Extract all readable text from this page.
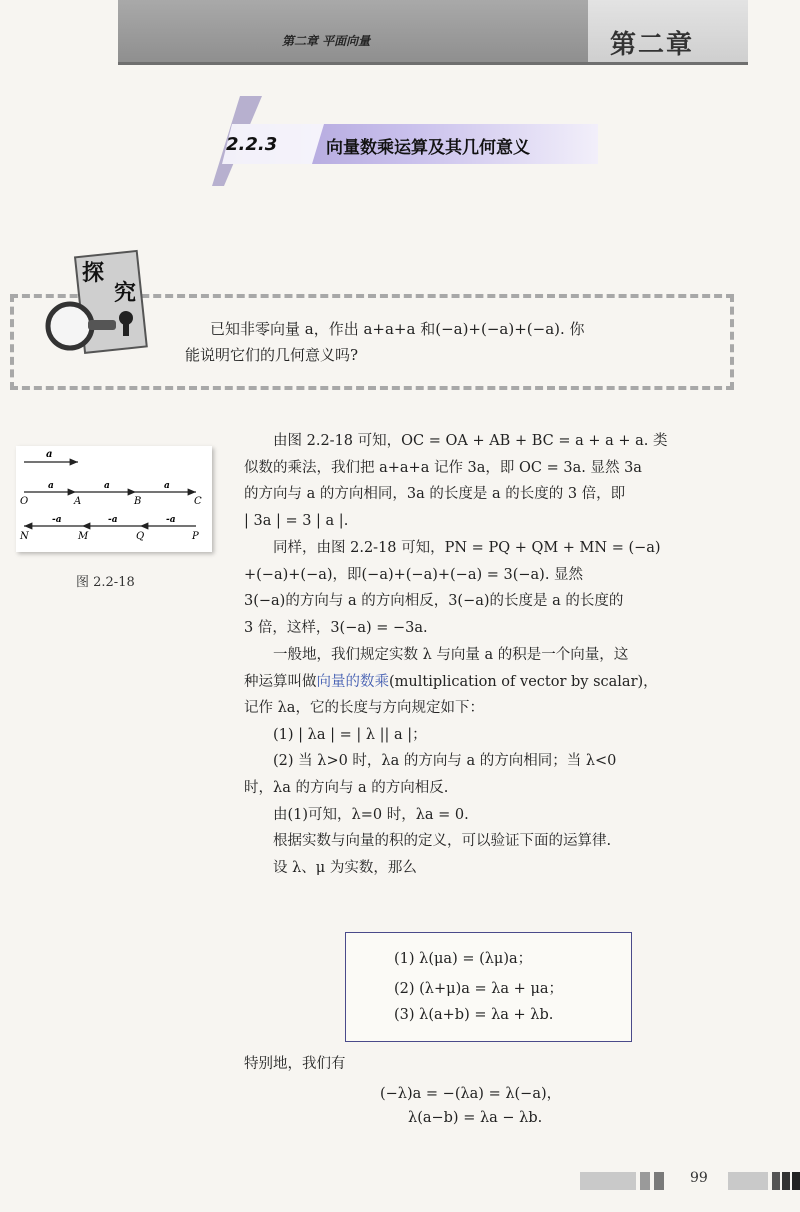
第二章 平面向量	第二章
2.2.3	向量数乘运算及其几何意义
探
究
已知非零向量 a，作出 a+a+a 和(−a)+(−a)+(−a). 你
能说明它们的几何意义吗?
a
a	a	a
O	A	B	C
-a	-a	-a
N	M	Q	P
图 2.2-18
由图 2.2-18 可知，OC = OA + AB + BC = a + a + a. 类
似数的乘法，我们把 a+a+a 记作 3a，即 OC = 3a. 显然 3a
的方向与 a 的方向相同，3a 的长度是 a 的长度的 3 倍，即
| 3a | = 3 | a |.
同样，由图 2.2-18 可知，PN = PQ + QM + MN = (−a)
+(−a)+(−a)，即(−a)+(−a)+(−a) = 3(−a). 显然
3(−a)的方向与 a 的方向相反，3(−a)的长度是 a 的长度的
3 倍，这样，3(−a) = −3a.
一般地，我们规定实数 λ 与向量 a 的积是一个向量，这
种运算叫做向量的数乘(multiplication of vector by scalar)，
记作 λa，它的长度与方向规定如下：
(1) | λa | = | λ || a |；
(2) 当 λ>0 时，λa 的方向与 a 的方向相同；当 λ<0
时，λa 的方向与 a 的方向相反.
由(1)可知，λ=0 时，λa = 0.
根据实数与向量的积的定义，可以验证下面的运算律.
设 λ、μ 为实数，那么
(1) λ(μa) = (λμ)a；
(2) (λ+μ)a = λa + μa；
(3) λ(a+b) = λa + λb.
特别地，我们有
(−λ)a = −(λa) = λ(−a)，
λ(a−b) = λa − λb.
99
